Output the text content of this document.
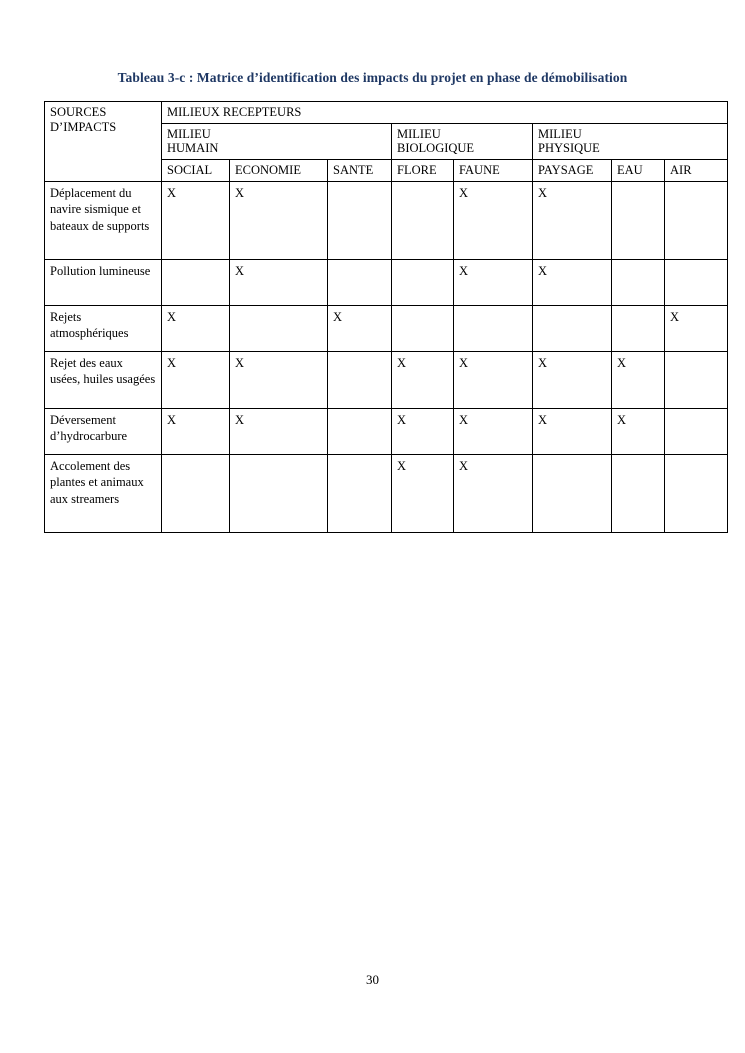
Tableau 3-c : Matrice d’identification des impacts du projet en phase de démobilisation
SOURCES
D’IMPACTS	MILIEUX RECEPTEURS							

MILIEU
HUMAIN

MILIEU
BIOLOGIQUE

MILIEU
PHYSIQUE

	SOCIAL	ECONOMIE	SANTE	FLORE	FAUNE	PAYSAGE	EAU	AIR
Déplacement du navire sismique et bateaux de supports	X	X			X	X		
Pollution lumineuse		X			X	X		
Rejets atmosphériques	X		X					X
Rejet des eaux usées, huiles usagées	X	X		X	X	X	X	
Déversement d’hydrocarbure	X	X		X	X	X	X	
Accolement des plantes et animaux aux streamers				X	X			
30
